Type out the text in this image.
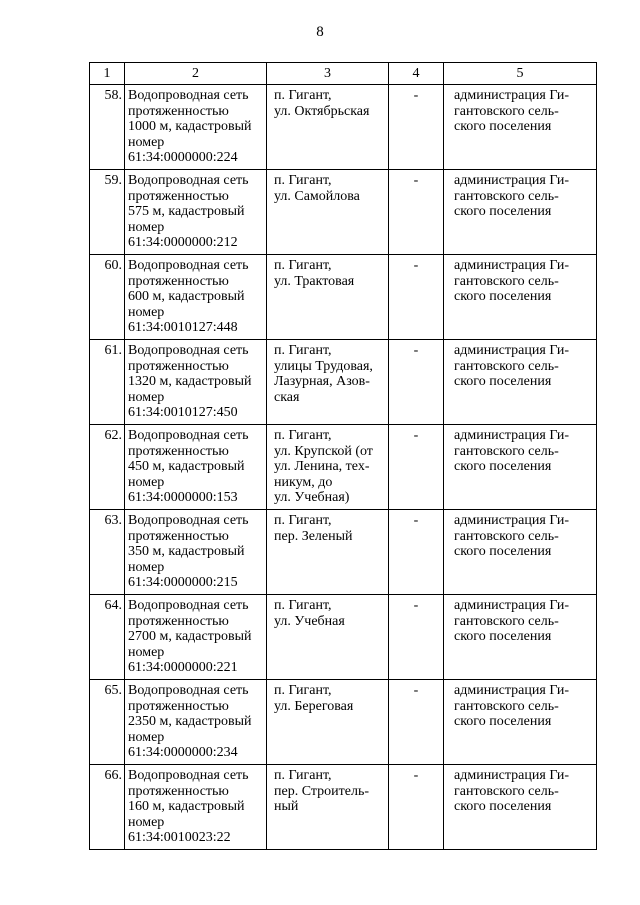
8
1	2	3	4	5
58.	Водопроводная сеть
протяженностью
1000 м, кадастровый
номер
61:34:0000000:224	п. Гигант,
ул. Октябрьская	-	администрация Ги-
гантовского сель-
ского поселения

59.	Водопроводная сеть
протяженностью
575 м, кадастровый
номер
61:34:0000000:212	п. Гигант,
ул. Самойлова	-	администрация Ги-
гантовского сель-
ского поселения

60.	Водопроводная сеть
протяженностью
600 м, кадастровый
номер
61:34:0010127:448	п. Гигант,
ул. Трактовая	-	администрация Ги-
гантовского сель-
ского поселения

61.	Водопроводная сеть
протяженностью
1320 м, кадастровый
номер
61:34:0010127:450	п. Гигант,
улицы Трудовая,
Лазурная, Азов-
ская	-	администрация Ги-
гантовского сель-
ского поселения

62.	Водопроводная сеть
протяженностью
450 м, кадастровый
номер
61:34:0000000:153	п. Гигант,
ул. Крупской (от
ул. Ленина, тех-
никум, до
ул. Учебная)	-	администрация Ги-
гантовского сель-
ского поселения

63.	Водопроводная сеть
протяженностью
350 м, кадастровый
номер
61:34:0000000:215	п. Гигант,
пер. Зеленый	-	администрация Ги-
гантовского сель-
ского поселения

64.	Водопроводная сеть
протяженностью
2700 м, кадастровый
номер
61:34:0000000:221	п. Гигант,
ул. Учебная	-	администрация Ги-
гантовского сель-
ского поселения

65.	Водопроводная сеть
протяженностью
2350 м, кадастровый
номер
61:34:0000000:234	п. Гигант,
ул. Береговая	-	администрация Ги-
гантовского сель-
ского поселения

66.	Водопроводная сеть
протяженностью
160 м, кадастровый
номер
61:34:0010023:22	п. Гигант,
пер. Строитель-
ный	-	администрация Ги-
гантовского сель-
ского поселения
